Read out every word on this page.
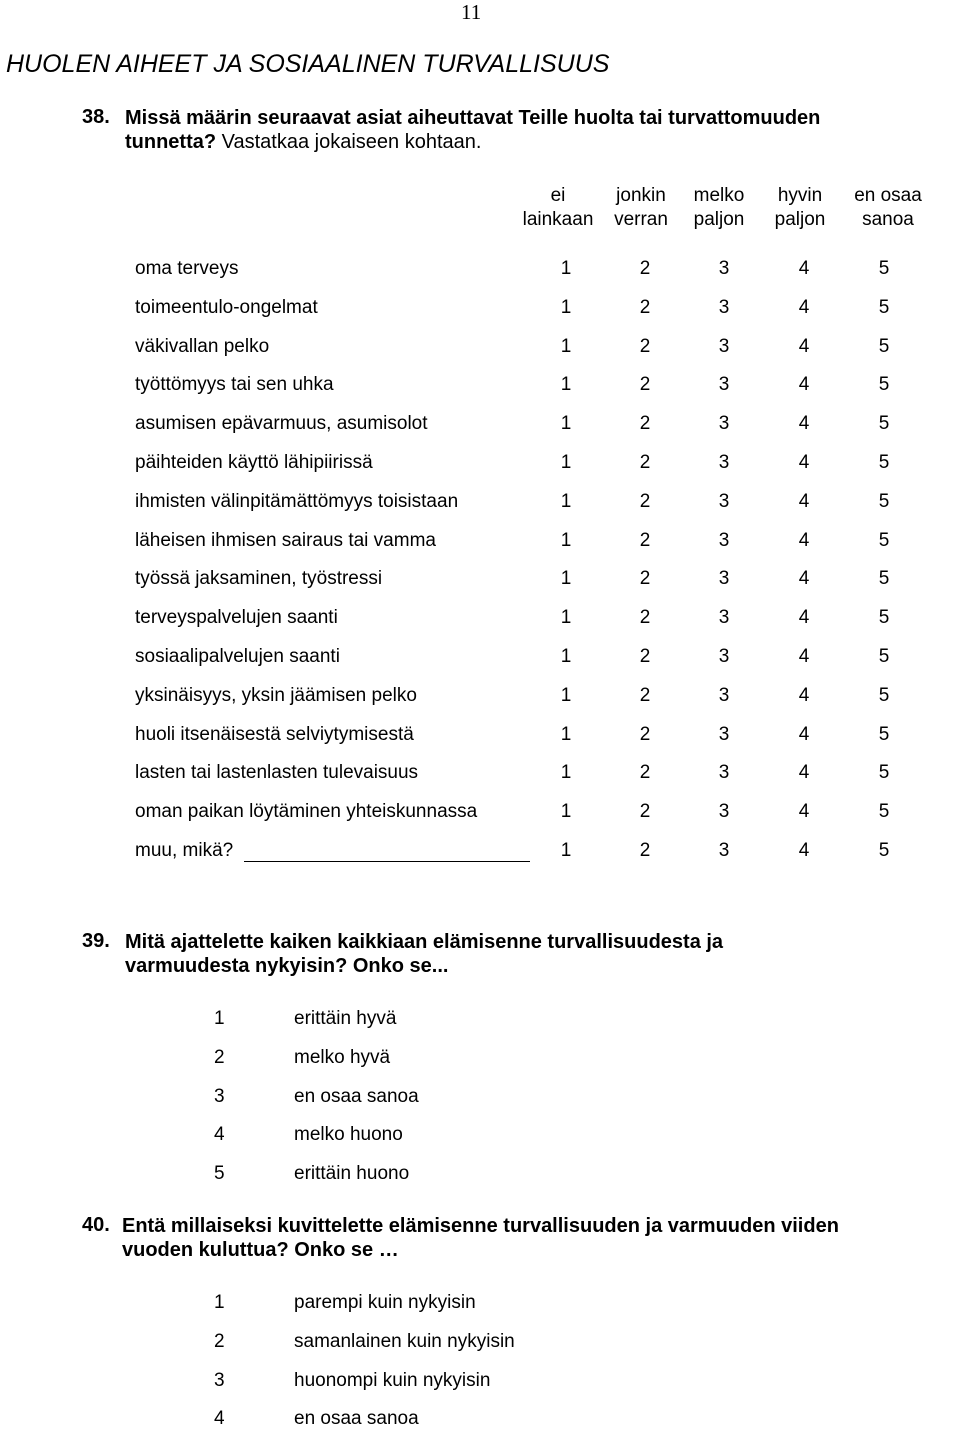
11
HUOLEN AIHEET JA SOSIAALINEN TURVALLISUUS
38. Missä määrin seuraavat asiat aiheuttavat Teille huolta tai turvattomuuden
tunnetta? Vastatkaa jokaiseen kohtaan.
ei
lainkaan
jonkin
verran
melko
paljon
hyvin
paljon
en osaa
sanoa
oma terveys	1	2	3	4	5
toimeentulo-ongelmat	1	2	3	4	5
väkivallan pelko	1	2	3	4	5
työttömyys tai sen uhka	1	2	3	4	5
asumisen epävarmuus, asumisolot	1	2	3	4	5
päihteiden käyttö lähipiirissä	1	2	3	4	5
ihmisten välinpitämättömyys toisistaan	1	2	3	4	5
läheisen ihmisen sairaus tai vamma	1	2	3	4	5
työssä jaksaminen, työstressi	1	2	3	4	5
terveyspalvelujen saanti	1	2	3	4	5
sosiaalipalvelujen saanti	1	2	3	4	5
yksinäisyys, yksin jäämisen pelko	1	2	3	4	5
huoli itsenäisestä selviytymisestä	1	2	3	4	5
lasten tai lastenlasten tulevaisuus	1	2	3	4	5
oman paikan löytäminen yhteiskunnassa	1	2	3	4	5
muu, mikä?	1	2	3	4	5
39. Mitä ajattelette kaiken kaikkiaan elämisenne turvallisuudesta ja
varmuudesta nykyisin? Onko se...
1	erittäin hyvä
2	melko hyvä
3	en osaa sanoa
4	melko huono
5	erittäin huono
40. Entä millaiseksi kuvittelette elämisenne turvallisuuden ja varmuuden viiden
vuoden kuluttua? Onko se …
1	parempi kuin nykyisin
2	samanlainen kuin nykyisin
3	huonompi kuin nykyisin
4	en osaa sanoa
